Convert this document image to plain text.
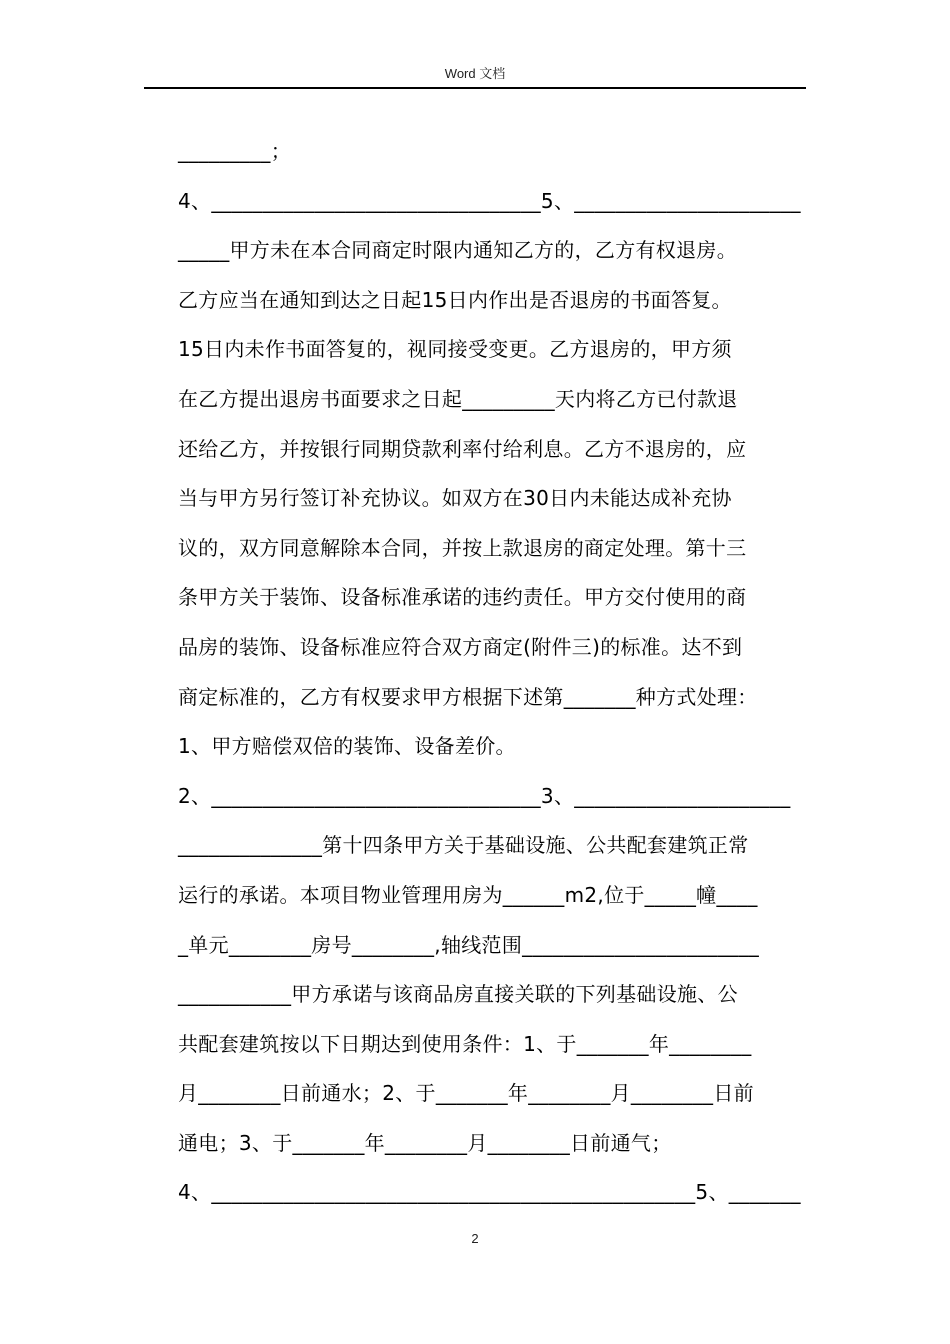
Word 文档
_________；
4、________________________________5、______________________
_____甲方未在本合同商定时限内通知乙方的，乙方有权退房。
乙方应当在通知到达之日起15日内作出是否退房的书面答复。
15日内未作书面答复的，视同接受变更。乙方退房的，甲方须
在乙方提出退房书面要求之日起_________天内将乙方已付款退
还给乙方，并按银行同期贷款利率付给利息。乙方不退房的，应
当与甲方另行签订补充协议。如双方在30日内未能达成补充协
议的，双方同意解除本合同，并按上款退房的商定处理。第十三
条甲方关于装饰、设备标准承诺的违约责任。甲方交付使用的商
品房的装饰、设备标准应符合双方商定(附件三)的标准。达不到
商定标准的，乙方有权要求甲方根据下述第_______种方式处理：
1、甲方赔偿双倍的装饰、设备差价。
2、________________________________3、_____________________
______________第十四条甲方关于基础设施、公共配套建筑正常
运行的承诺。本项目物业管理用房为______m2,位于_____幢____
_单元________房号________,轴线范围_______________________
___________甲方承诺与该商品房直接关联的下列基础设施、公
共配套建筑按以下日期达到使用条件：1、于_______年________
月________日前通水；2、于_______年________月________日前
通电；3、于_______年________月________日前通气；
4、_______________________________________________5、_______
2
